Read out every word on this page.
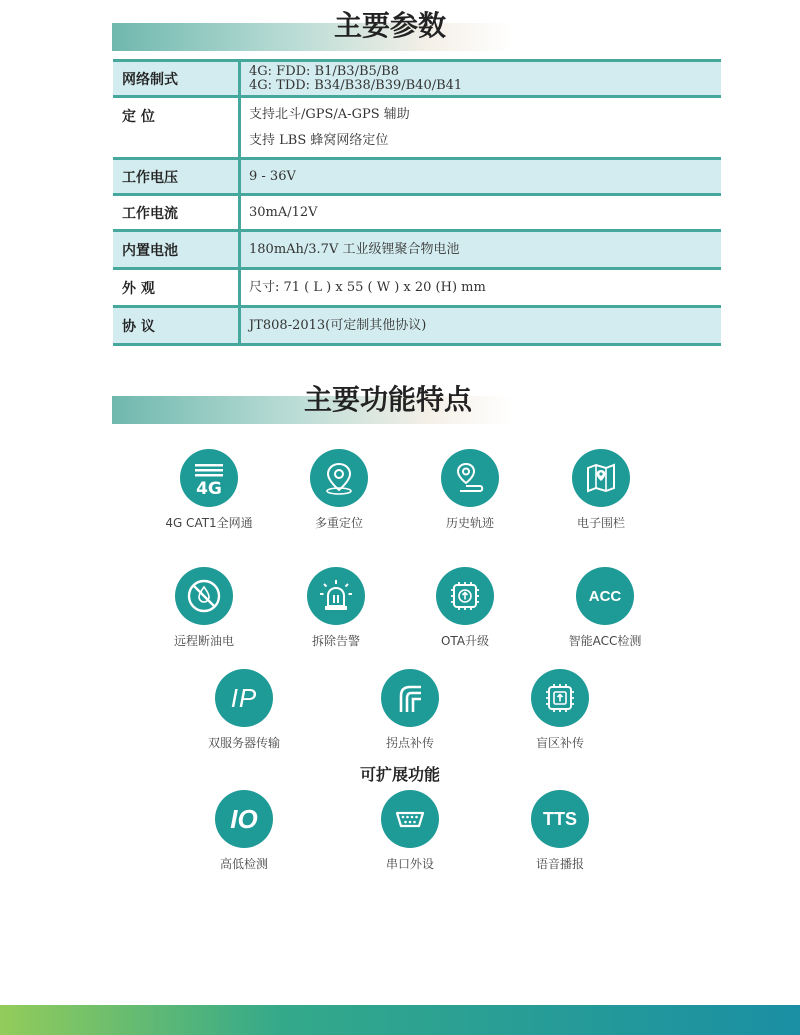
主要参数
网络制式	4G: FDD: B1/B3/B5/B8
4G: TDD: B34/B38/B39/B40/B41

定 位	支持北斗/GPS/A-GPS 辅助
支持 LBS 蜂窝网络定位

工作电压	9 - 36V
工作电流	30mA/12V
内置电池	180mAh/3.7V 工业级锂聚合物电池
外 观	尺寸: 71 ( L ) x 55 ( W ) x 20 (H) mm
协 议	JT808-2013(可定制其他协议)
主要功能特点
4G
4G CAT1全网通	多重定位	历史轨迹	电子围栏
远程断油电	拆除告警	OTA升级
ACC
智能ACC检测
IP
双服务器传输	拐点补传	盲区补传
可扩展功能
IO
高低检测	串口外设
TTS
语音播报
